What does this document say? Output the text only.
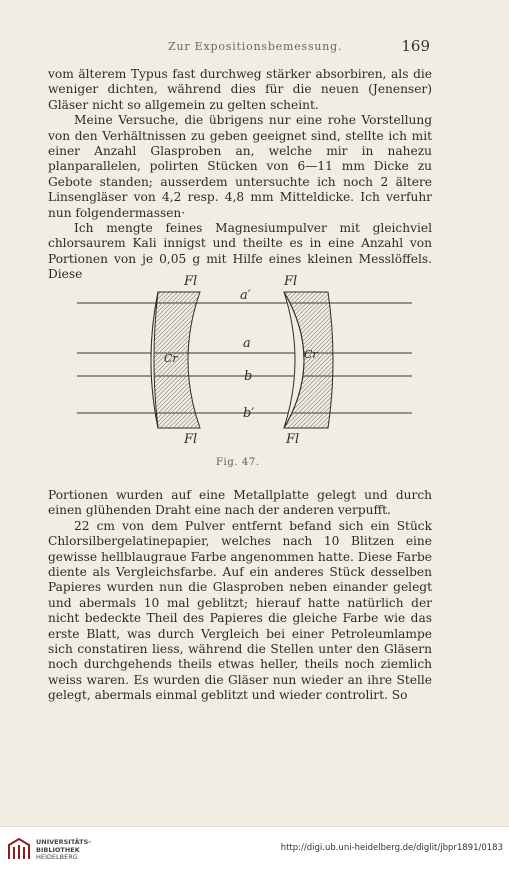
Zur Expositionsbemessung.	169

vom älterem Typus fast durchweg stärker absorbiren, als die weniger dichten, während dies für die neuen (Jenenser) Gläser nicht so allgemein zu gelten scheint.

Meine Versuche, die übrigens nur eine rohe Vorstellung von den Verhältnissen zu geben geeignet sind, stellte ich mit einer Anzahl Glasproben an, welche mir in nahezu planparallelen, polirten Stücken von 6—11 mm Dicke zu Gebote standen; ausserdem untersuchte ich noch 2 ältere Linsengläser von 4,2 resp. 4,8 mm Mitteldicke. Ich verfuhr nun folgendermassen·

Ich mengte feines Magnesiumpulver mit gleichviel chlorsaurem Kali innigst und theilte es in eine Anzahl von Portionen von je 0,05 g mit Hilfe eines kleinen Messlöffels. Diese	Fl	Fl
a′
a
b
b′
Cr	Cr
Fl	Fl
Fig. 47.

Portionen wurden auf eine Metallplatte gelegt und durch einen glühenden Draht eine nach der anderen verpufft.

22 cm von dem Pulver entfernt befand sich ein Stück Chlorsilbergelatinepapier, welches nach 10 Blitzen eine gewisse hellblaugraue Farbe angenommen hatte. Diese Farbe diente als Vergleichsfarbe. Auf ein anderes Stück desselben Papieres wurden nun die Glasproben neben einander gelegt und abermals 10 mal geblitzt; hierauf hatte natürlich der nicht bedeckte Theil des Papieres die gleiche Farbe wie das erste Blatt, was durch Vergleich bei einer Petroleumlampe sich constatiren liess, während die Stellen unter den Gläsern noch durchgehends theils etwas heller, theils noch ziemlich weiss waren. Es wurden die Gläser nun wieder an ihre Stelle gelegt, abermals einmal geblitzt und wieder controlirt. So

UNIVERSITÄTS-
BIBLIOTHEK
HEIDELBERG
http://digi.ub.uni-heidelberg.de/diglit/jbpr1891/0183
